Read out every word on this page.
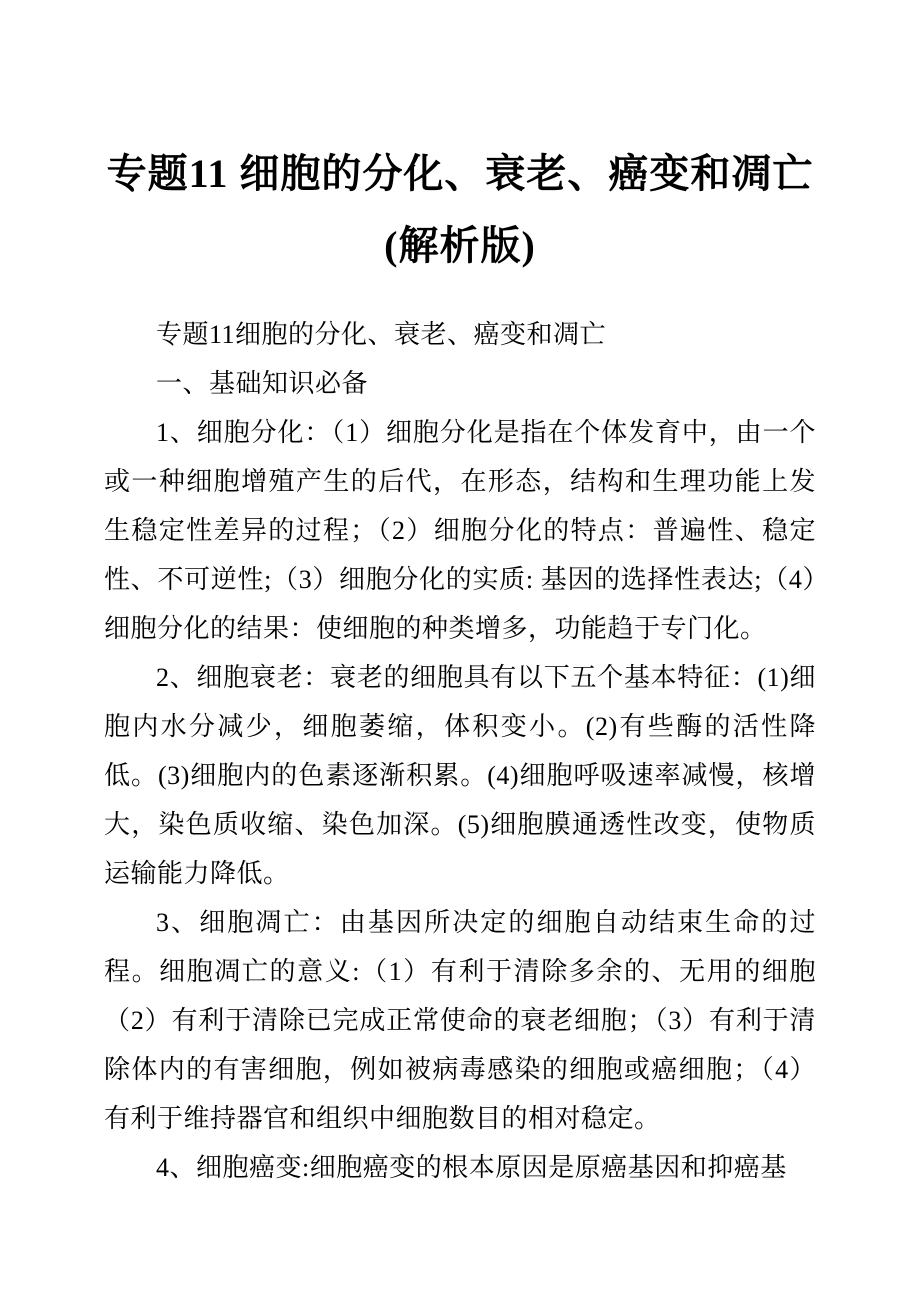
专题11 细胞的分化、衰老、癌变和凋亡(解析版)

专题11细胞的分化、衰老、癌变和凋亡

一、基础知识必备

1、细胞分化：（1）细胞分化是指在个体发育中，由一个或一种细胞增殖产生的后代，在形态，结构和生理功能上发生稳定性差异的过程；（2）细胞分化的特点：普遍性、稳定性、不可逆性;（3）细胞分化的实质: 基因的选择性表达;（4）细胞分化的结果：使细胞的种类增多，功能趋于专门化。

2、细胞衰老：衰老的细胞具有以下五个基本特征：(1)细胞内水分减少，细胞萎缩，体积变小。(2)有些酶的活性降低。(3)细胞内的色素逐渐积累。(4)细胞呼吸速率减慢，核增大，染色质收缩、染色加深。(5)细胞膜通透性改变，使物质运输能力降低。

3、细胞凋亡：由基因所决定的细胞自动结束生命的过程。细胞凋亡的意义:（1）有利于清除多余的、无用的细胞（2）有利于清除已完成正常使命的衰老细胞；（3）有利于清除体内的有害细胞，例如被病毒感染的细胞或癌细胞；（4）有利于维持器官和组织中细胞数目的相对稳定。

4、细胞癌变:细胞癌变的根本原因是原癌基因和抑癌基
